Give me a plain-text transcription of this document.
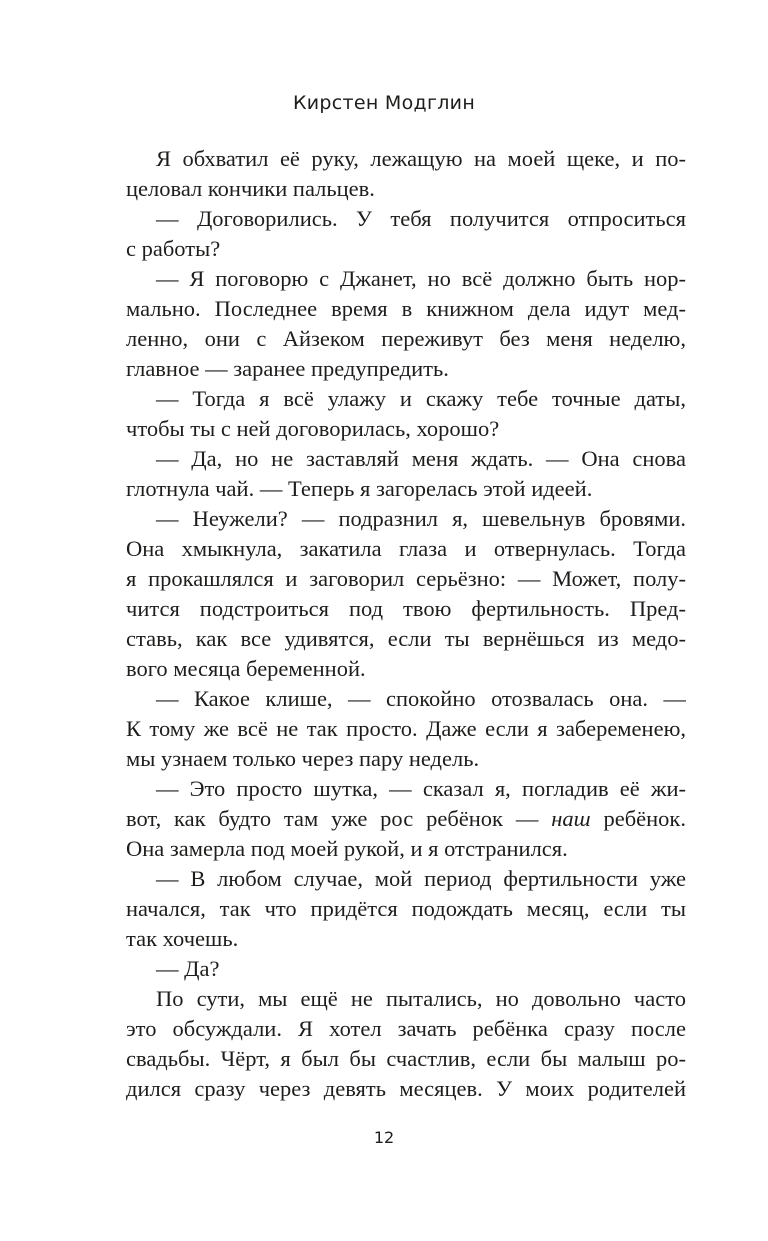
Кирстен Модглин
Я обхватил её руку, лежащую на моей щеке, и по-
целовал кончики пальцев.
— Договорились. У тебя получится отпроситься
с работы?
— Я поговорю с Джанет, но всё должно быть нор-
мально. Последнее время в книжном дела идут мед-
ленно, они с Айзеком переживут без меня неделю,
главное — заранее предупредить.
— Тогда я всё улажу и скажу тебе точные даты,
чтобы ты с ней договорилась, хорошо?
— Да, но не заставляй меня ждать. — Она снова
глотнула чай. — Теперь я загорелась этой идеей.
— Неужели? — подразнил я, шевельнув бровями.
Она хмыкнула, закатила глаза и отвернулась. Тогда
я прокашлялся и заговорил серьёзно: — Может, полу-
чится подстроиться под твою фертильность. Пред-
ставь, как все удивятся, если ты вернёшься из медо-
вого месяца беременной.
— Какое клише, — спокойно отозвалась она. —
К тому же всё не так просто. Даже если я забеременею,
мы узнаем только через пару недель.
— Это просто шутка, — сказал я, погладив её жи-
вот, как будто там уже рос ребёнок — наш ребёнок.
Она замерла под моей рукой, и я отстранился.
— В любом случае, мой период фертильности уже
начался, так что придётся подождать месяц, если ты
так хочешь.
— Да?
По сути, мы ещё не пытались, но довольно часто
это обсуждали. Я хотел зачать ребёнка сразу после
свадьбы. Чёрт, я был бы счастлив, если бы малыш ро-
дился сразу через девять месяцев. У моих родителей
12
